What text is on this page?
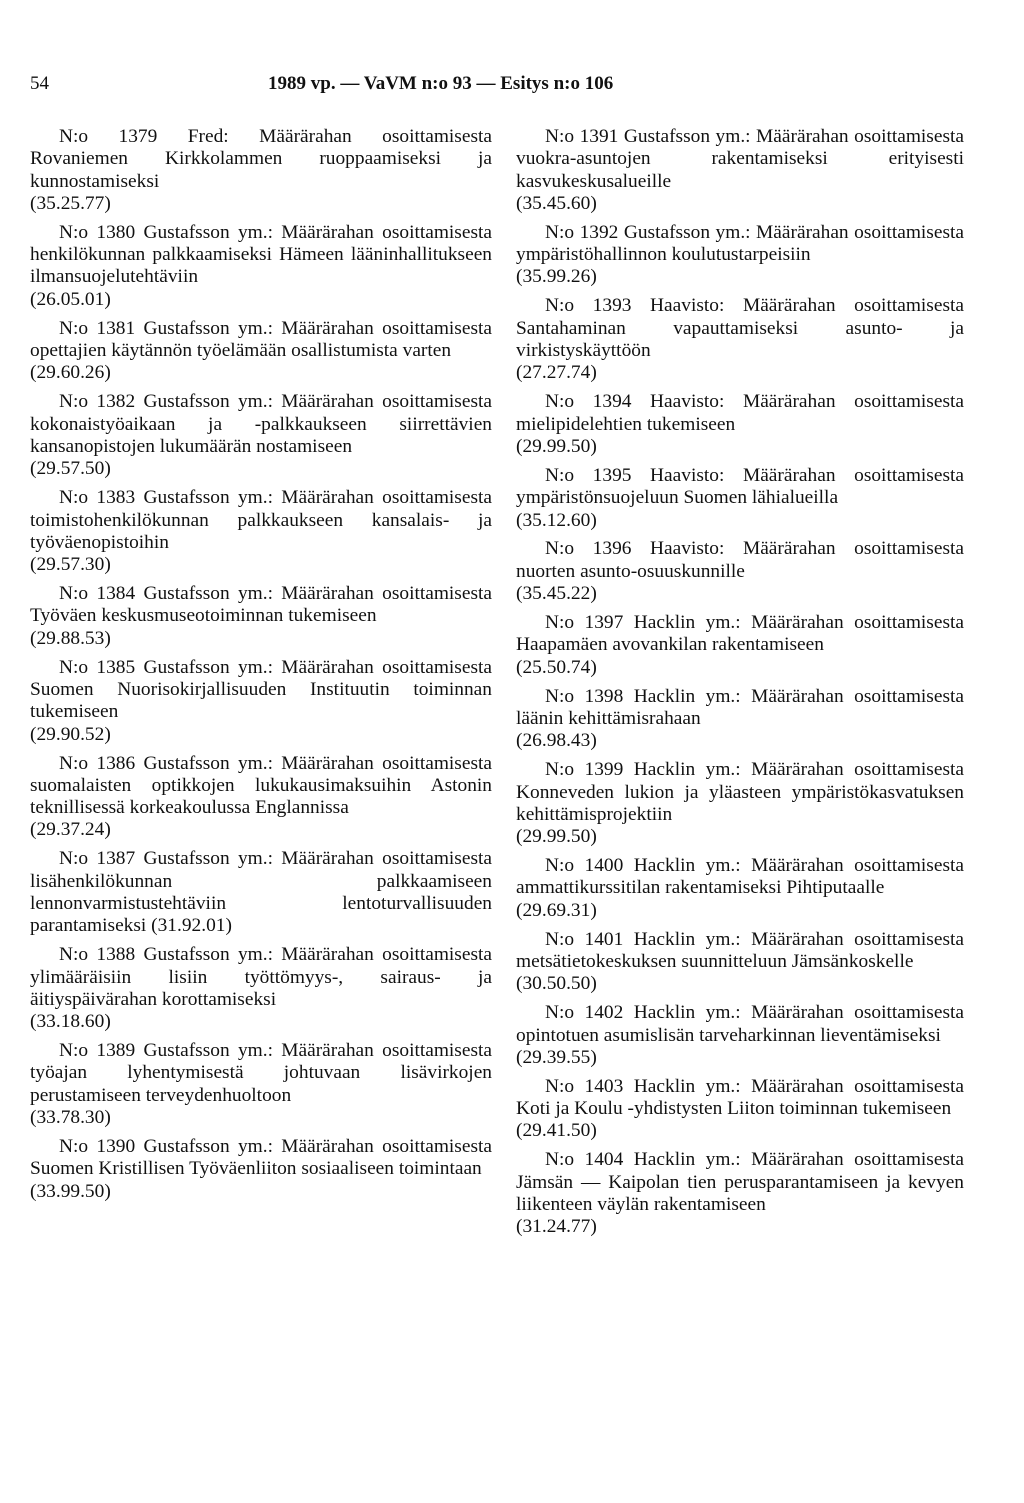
54	1989 vp. — VaVM n:o 93 — Esitys n:o 106
N:o 1379 Fred: Määrärahan osoittamisesta Rovaniemen Kirkkolammen ruoppaamiseksi ja kunnostamiseksi
(35.25.77)
N:o 1380 Gustafsson ym.: Määrärahan osoittamisesta henkilökunnan palkkaamiseksi Hämeen lääninhallitukseen ilmansuojelutehtäviin
(26.05.01)
N:o 1381 Gustafsson ym.: Määrärahan osoittamisesta opettajien käytännön työelämään osallistumista varten
(29.60.26)
N:o 1382 Gustafsson ym.: Määrärahan osoittamisesta kokonaistyöaikaan ja -palkkaukseen siirrettävien kansanopistojen lukumäärän nostamiseen
(29.57.50)
N:o 1383 Gustafsson ym.: Määrärahan osoittamisesta toimistohenkilökunnan palkkaukseen kansalais- ja työväenopistoihin
(29.57.30)
N:o 1384 Gustafsson ym.: Määrärahan osoittamisesta Työväen keskusmuseotoiminnan tukemiseen
(29.88.53)
N:o 1385 Gustafsson ym.: Määrärahan osoittamisesta Suomen Nuorisokirjallisuuden Instituutin toiminnan tukemiseen
(29.90.52)
N:o 1386 Gustafsson ym.: Määrärahan osoittamisesta suomalaisten optikkojen lukukausimaksuihin Astonin teknillisessä korkeakoulussa Englannissa
(29.37.24)
N:o 1387 Gustafsson ym.: Määrärahan osoittamisesta lisähenkilökunnan palkkaamiseen lennonvarmistustehtäviin lentoturvallisuuden parantamiseksi (31.92.01)
N:o 1388 Gustafsson ym.: Määrärahan osoittamisesta ylimääräisiin lisiin työttömyys-, sairaus- ja äitiyspäivärahan korottamiseksi
(33.18.60)
N:o 1389 Gustafsson ym.: Määrärahan osoittamisesta työajan lyhentymisestä johtuvaan lisävirkojen perustamiseen terveydenhuoltoon
(33.78.30)
N:o 1390 Gustafsson ym.: Määrärahan osoittamisesta Suomen Kristillisen Työväenliiton sosiaaliseen toimintaan
(33.99.50)
N:o 1391 Gustafsson ym.: Määrärahan osoittamisesta vuokra-asuntojen rakentamiseksi erityisesti kasvukeskusalueille
(35.45.60)
N:o 1392 Gustafsson ym.: Määrärahan osoittamisesta ympäristöhallinnon koulutustarpeisiin
(35.99.26)
N:o 1393 Haavisto: Määrärahan osoittamisesta Santahaminan vapauttamiseksi asunto- ja virkistyskäyttöön
(27.27.74)
N:o 1394 Haavisto: Määrärahan osoittamisesta mielipidelehtien tukemiseen
(29.99.50)
N:o 1395 Haavisto: Määrärahan osoittamisesta ympäristönsuojeluun Suomen lähialueilla
(35.12.60)
N:o 1396 Haavisto: Määrärahan osoittamisesta nuorten asunto-osuuskunnille
(35.45.22)
N:o 1397 Hacklin ym.: Määrärahan osoittamisesta Haapamäen avovankilan rakentamiseen
(25.50.74)
N:o 1398 Hacklin ym.: Määrärahan osoittamisesta läänin kehittämisrahaan
(26.98.43)
N:o 1399 Hacklin ym.: Määrärahan osoittamisesta Konneveden lukion ja yläasteen ympäristökasvatuksen kehittämisprojektiin
(29.99.50)
N:o 1400 Hacklin ym.: Määrärahan osoittamisesta ammattikurssitilan rakentamiseksi Pihtiputaalle
(29.69.31)
N:o 1401 Hacklin ym.: Määrärahan osoittamisesta metsätietokeskuksen suunnitteluun Jämsänkoskelle
(30.50.50)
N:o 1402 Hacklin ym.: Määrärahan osoittamisesta opintotuen asumislisän tarveharkinnan lieventämiseksi
(29.39.55)
N:o 1403 Hacklin ym.: Määrärahan osoittamisesta Koti ja Koulu -yhdistysten Liiton toiminnan tukemiseen
(29.41.50)
N:o 1404 Hacklin ym.: Määrärahan osoittamisesta Jämsän — Kaipolan tien perusparantamiseen ja kevyen liikenteen väylän rakentamiseen
(31.24.77)
